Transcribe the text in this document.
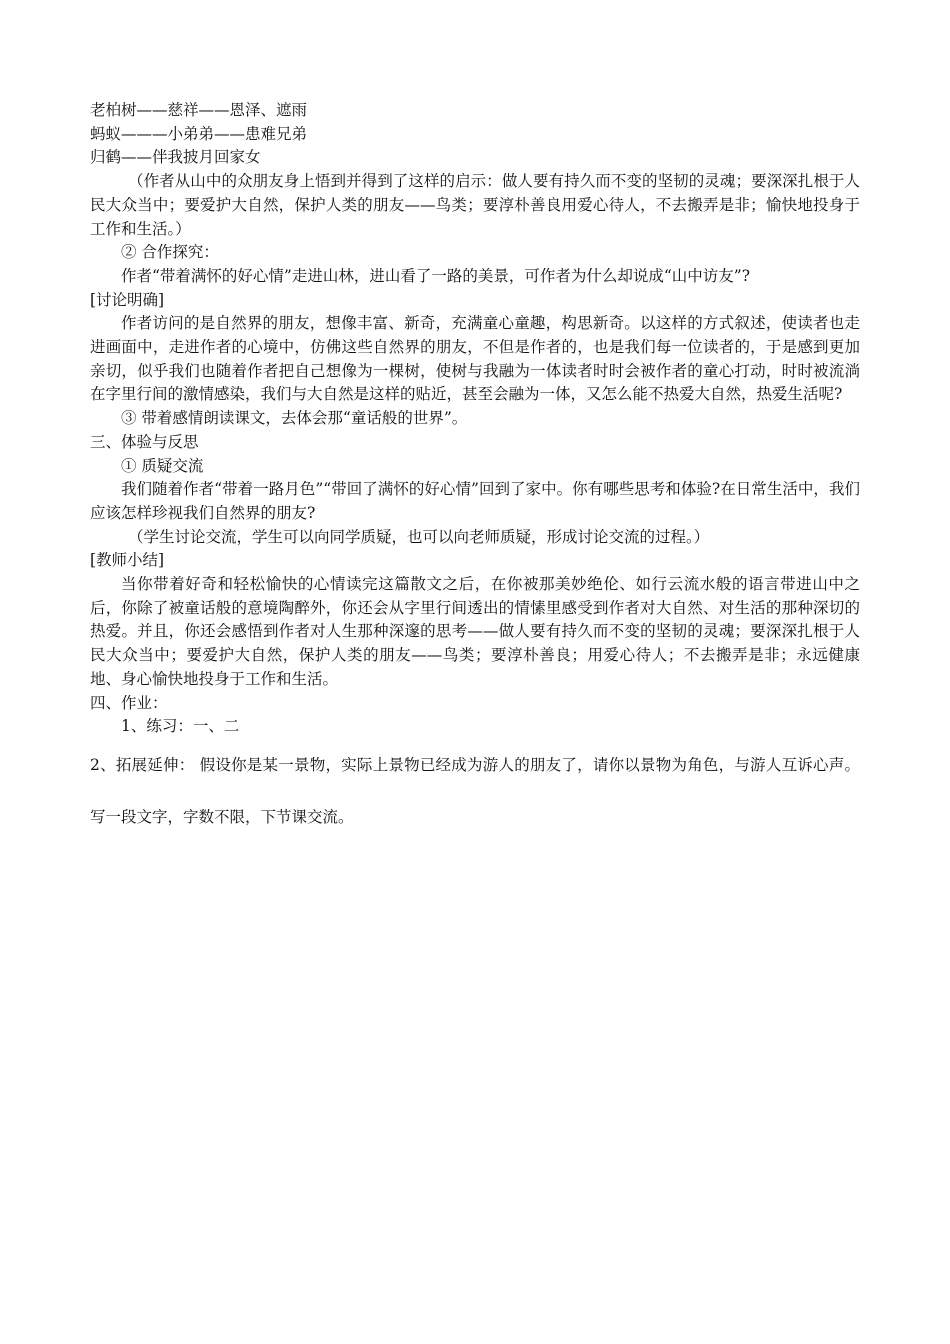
老柏树——慈祥——恩泽、遮雨

蚂蚁———小弟弟——患难兄弟

归鹤——伴我披月回家女

（作者从山中的众朋友身上悟到并得到了这样的启示：做人要有持久而不变的坚韧的灵魂；要深深扎根于人民大众当中；要爱护大自然，保护人类的朋友——鸟类；要淳朴善良用爱心待人，不去搬弄是非；愉快地投身于工作和生活。）

② 合作探究：

作者“带着满怀的好心情”走进山林，进山看了一路的美景，可作者为什么却说成“山中访友”?

[讨论明确]

作者访问的是自然界的朋友，想像丰富、新奇，充满童心童趣，构思新奇。以这样的方式叙述，使读者也走进画面中，走进作者的心境中，仿佛这些自然界的朋友，不但是作者的，也是我们每一位读者的，于是感到更加亲切，似乎我们也随着作者把自己想像为一棵树，使树与我融为一体读者时时会被作者的童心打动，时时被流淌在字里行间的激情感染，我们与大自然是这样的贴近，甚至会融为一体，又怎么能不热爱大自然，热爱生活呢?

③ 带着感情朗读课文，去体会那“童话般的世界”。

三、体验与反思

① 质疑交流

我们随着作者“带着一路月色”“带回了满怀的好心情”回到了家中。你有哪些思考和体验?在日常生活中，我们应该怎样珍视我们自然界的朋友?

（学生讨论交流，学生可以向同学质疑，也可以向老师质疑，形成讨论交流的过程。）

[教师小结]

当你带着好奇和轻松愉快的心情读完这篇散文之后，在你被那美妙绝伦、如行云流水般的语言带进山中之后，你除了被童话般的意境陶醉外，你还会从字里行间透出的情愫里感受到作者对大自然、对生活的那种深切的热爱。并且，你还会感悟到作者对人生那种深邃的思考——做人要有持久而不变的坚韧的灵魂；要深深扎根于人民大众当中；要爱护大自然，保护人类的朋友——鸟类；要淳朴善良；用爱心待人；不去搬弄是非；永远健康地、身心愉快地投身于工作和生活。

四、作业：

1、练习：一、二

2、拓展延伸： 假设你是某一景物，实际上景物已经成为游人的朋友了，请你以景物为角色，与游人互诉心声。写一段文字，字数不限，下节课交流。
